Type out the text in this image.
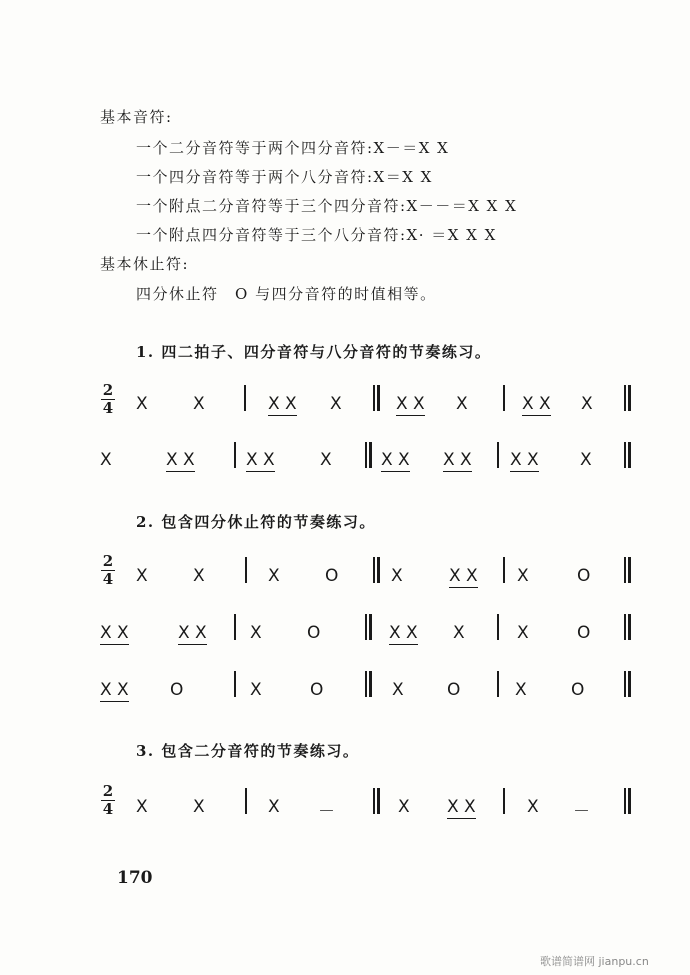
基本音符:
一个二分音符等于两个四分音符:X－＝X X
一个四分音符等于两个八分音符:X＝X X
一个附点二分音符等于三个四分音符:X－－＝X X X
一个附点四分音符等于三个八分音符:X· ＝X X X
基本休止符:
四分休止符　O 与四分音符的时值相等。
1. 四二拍子、四分音符与八分音符的节奏练习。
2
4 X	X	X X X	X X X	X X X
X	X X	X X	X	X X X X X X X
2. 包含四分休止符的节奏练习。
2
4 X	X	X	O	X	X X X	O
X X	X X	X	O	X X X	X	O
X X O	X	O	X	O	X	O
3. 包含二分音符的节奏练习。
2
4 X	X	X －	X X X	X －
170
歌谱简谱网 jianpu.cn
